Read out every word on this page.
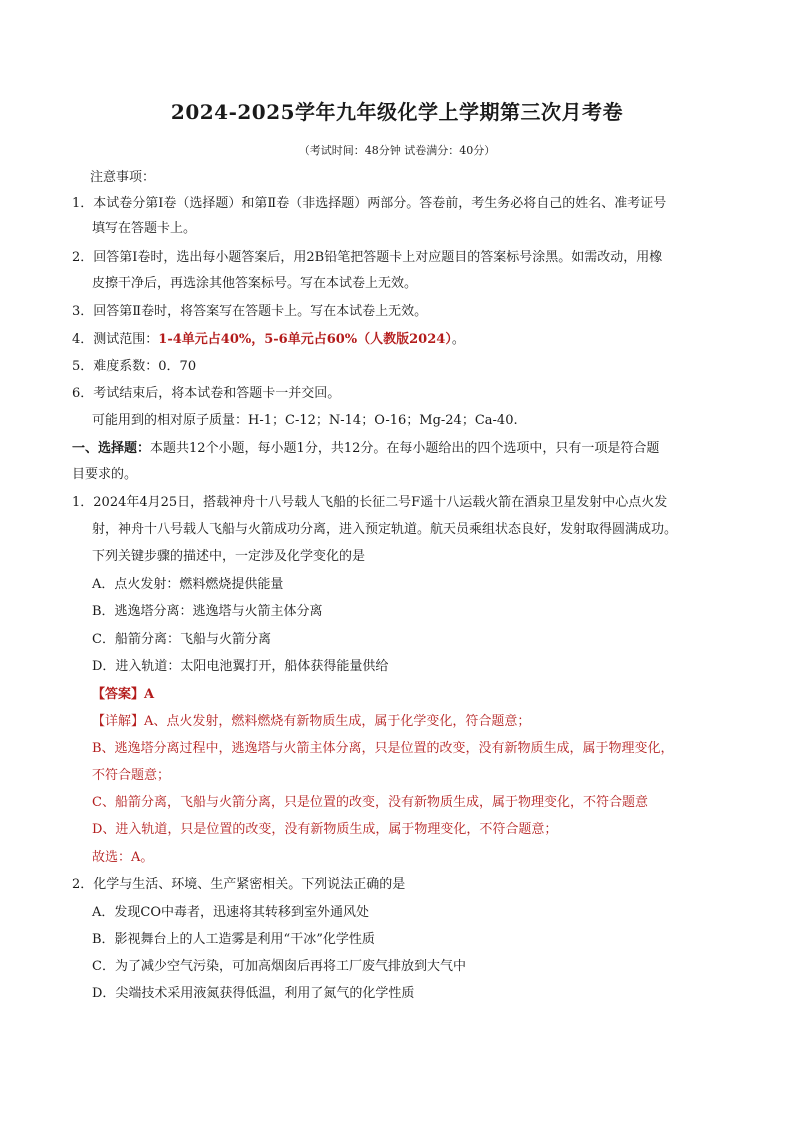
2024-2025学年九年级化学上学期第三次月考卷
（考试时间：48分钟 试卷满分：40分）
注意事项：
1．本试卷分第Ⅰ卷（选择题）和第Ⅱ卷（非选择题）两部分。答卷前，考生务必将自己的姓名、准考证号
填写在答题卡上。
2．回答第Ⅰ卷时，选出每小题答案后，用2B铅笔把答题卡上对应题目的答案标号涂黑。如需改动，用橡
皮擦干净后，再选涂其他答案标号。写在本试卷上无效。
3．回答第Ⅱ卷时，将答案写在答题卡上。写在本试卷上无效。
4．测试范围：1-4单元占40%，5-6单元占60%（人教版2024）。
5．难度系数：0．70
6．考试结束后，将本试卷和答题卡一并交回。
可能用到的相对原子质量：H-1；C-12；N-14；O-16；Mg-24；Ca-40.
一、选择题：本题共12个小题，每小题1分，共12分。在每小题给出的四个选项中，只有一项是符合题
目要求的。
1．2024年4月25日，搭载神舟十八号载人飞船的长征二号F遥十八运载火箭在酒泉卫星发射中心点火发
射，神舟十八号载人飞船与火箭成功分离，进入预定轨道。航天员乘组状态良好，发射取得圆满成功。
下列关键步骤的描述中，一定涉及化学变化的是
A．点火发射：燃料燃烧提供能量
B．逃逸塔分离：逃逸塔与火箭主体分离
C．船箭分离：飞船与火箭分离
D．进入轨道：太阳电池翼打开，船体获得能量供给
【答案】A
【详解】A、点火发射，燃料燃烧有新物质生成，属于化学变化，符合题意；
B、逃逸塔分离过程中，逃逸塔与火箭主体分离，只是位置的改变，没有新物质生成，属于物理变化，
不符合题意；
C、船箭分离，飞船与火箭分离，只是位置的改变，没有新物质生成，属于物理变化，不符合题意
D、进入轨道，只是位置的改变，没有新物质生成，属于物理变化，不符合题意；
故选：A。
2．化学与生活、环境、生产紧密相关。下列说法正确的是
A．发现CO中毒者，迅速将其转移到室外通风处
B．影视舞台上的人工造雾是利用“干冰”化学性质
C．为了减少空气污染，可加高烟囱后再将工厂废气排放到大气中
D．尖端技术采用液氮获得低温，利用了氮气的化学性质
